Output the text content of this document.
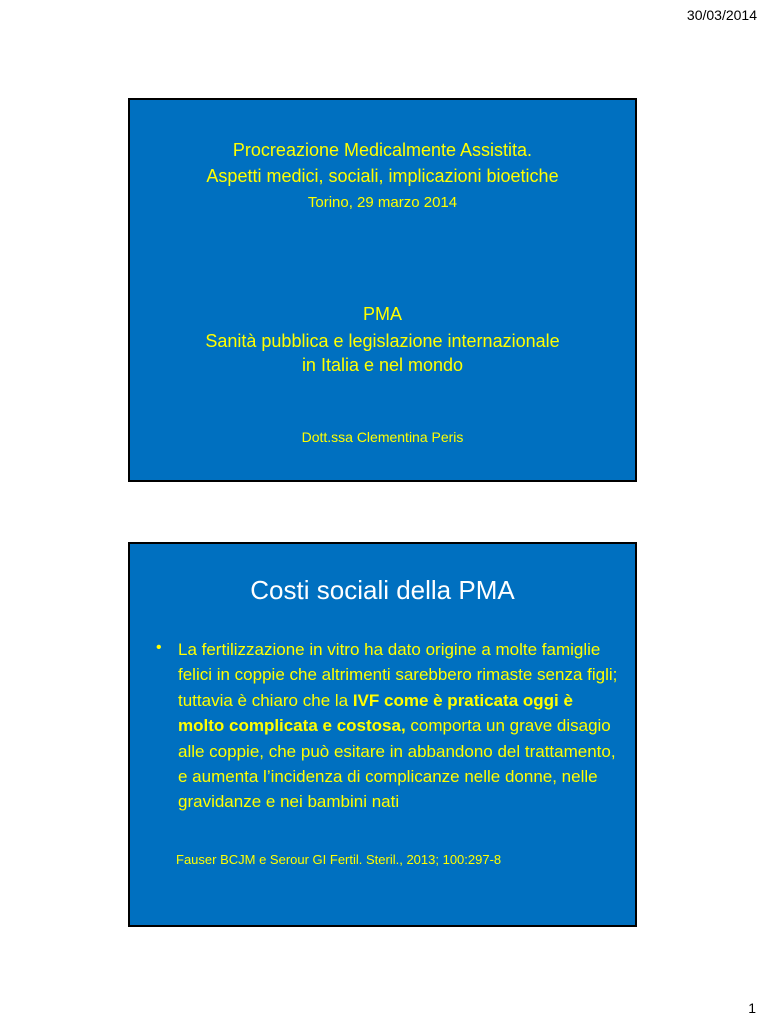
30/03/2014
Procreazione Medicalmente Assistita.
Aspetti medici, sociali, implicazioni bioetiche
Torino, 29 marzo 2014
PMA
Sanità pubblica e legislazione internazionale
in Italia e nel mondo
Dott.ssa Clementina Peris
Costi sociali della PMA
• La fertilizzazione in vitro ha dato origine a molte famiglie felici in coppie che altrimenti sarebbero rimaste senza figli; tuttavia è chiaro che la IVF come è praticata oggi è molto complicata e costosa, comporta un grave disagio alle coppie, che può esitare in abbandono del trattamento, e aumenta l’incidenza di complicanze nelle donne, nelle gravidanze e nei bambini nati
Fauser BCJM e Serour GI Fertil. Steril., 2013; 100:297-8
1
